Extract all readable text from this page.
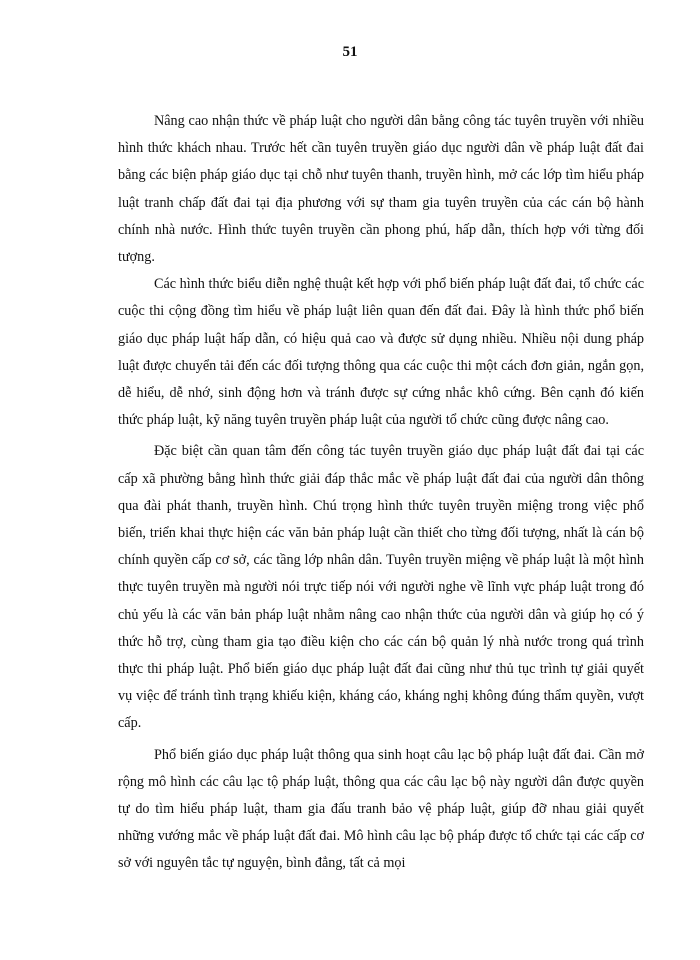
51

Nâng cao nhận thức về pháp luật cho người dân bằng công tác tuyên truyền với nhiều hình thức khách nhau. Trước hết cần tuyên truyền giáo dục người dân về pháp luật đất đai bằng các biện pháp giáo dục tại chỗ như tuyên thanh, truyền hình, mở các lớp tìm hiểu pháp luật tranh chấp đất đai tại địa phương với sự tham gia tuyên truyền của các cán bộ hành chính nhà nước. Hình thức tuyên truyền cần phong phú, hấp dẫn, thích hợp với từng đối tượng.

Các hình thức biểu diễn nghệ thuật kết hợp với phổ biến pháp luật đất đai, tổ chức các cuộc thi cộng đồng tìm hiểu về pháp luật liên quan đến đất đai. Đây là hình thức phổ biến giáo dục pháp luật hấp dẫn, có hiệu quả cao và được sử dụng nhiều. Nhiều nội dung pháp luật được chuyển tải đến các đối tượng thông qua các cuộc thi một cách đơn giản, ngắn gọn, dễ hiểu, dễ nhớ, sinh động hơn và tránh được sự cứng nhắc khô cứng. Bên cạnh đó kiến thức pháp luật, kỹ năng tuyên truyền pháp luật của người tổ chức cũng được nâng cao.

Đặc biệt cần quan tâm đến công tác tuyên truyền giáo dục pháp luật đất đai tại các cấp xã phường bằng hình thức giải đáp thắc mắc về pháp luật đất đai của người dân thông qua đài phát thanh, truyền hình. Chú trọng hình thức tuyên truyền miệng trong việc phổ biến, triển khai thực hiện các văn bản pháp luật cần thiết cho từng đối tượng, nhất là cán bộ chính quyền cấp cơ sở, các tầng lớp nhân dân. Tuyên truyền miệng về pháp luật là một hình thực tuyên truyền mà người nói trực tiếp nói với người nghe về lĩnh vực pháp luật trong đó chủ yếu là các văn bản pháp luật nhằm nâng cao nhận thức của người dân và giúp họ có ý thức hỗ trợ, cùng tham gia tạo điều kiện cho các cán bộ quản lý nhà nước trong quá trình thực thi pháp luật. Phổ biến giáo dục pháp luật đất đai cũng như thủ tục trình tự giải quyết vụ việc để tránh tình trạng khiếu kiện, kháng cáo, kháng nghị không đúng thẩm quyền, vượt cấp.

Phổ biến giáo dục pháp luật thông qua sinh hoạt câu lạc bộ pháp luật đất đai. Cần mở rộng mô hình các câu lạc tộ pháp luật, thông qua các câu lạc bộ này người dân được quyền tự do tìm hiểu pháp luật, tham gia đấu tranh bảo vệ pháp luật, giúp đỡ nhau giải quyết những vướng mắc về pháp luật đất đai. Mô hình câu lạc bộ pháp được tổ chức tại các cấp cơ sở với nguyên tắc tự nguyện, bình đẳng, tất cả mọi
